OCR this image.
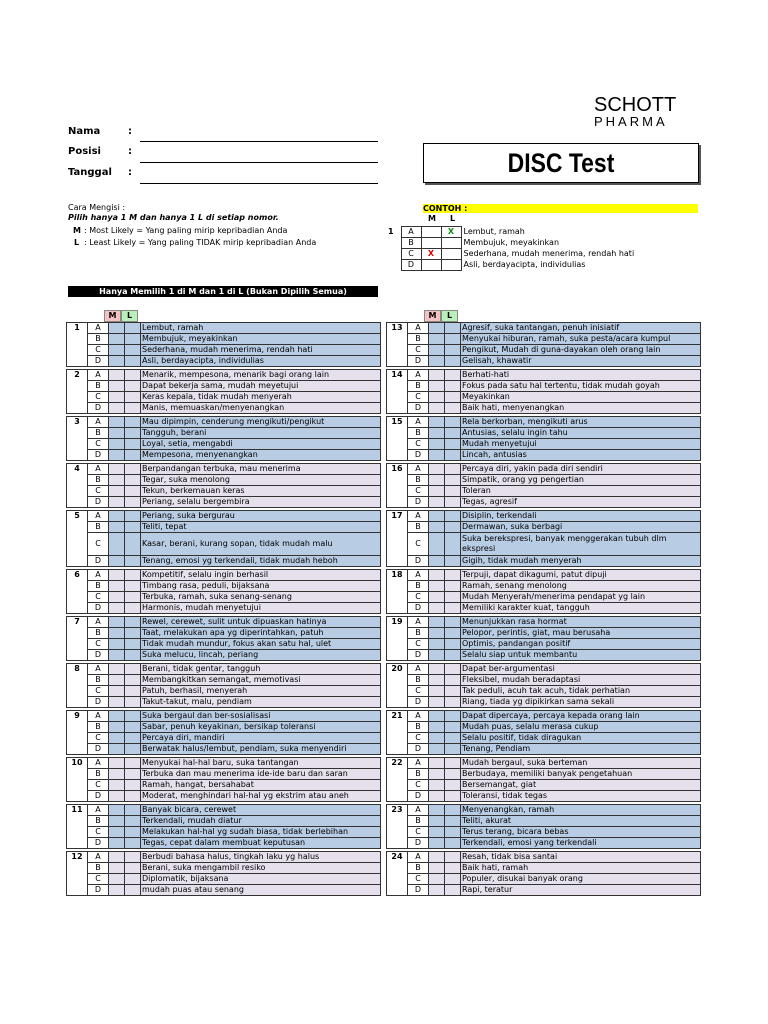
SCHOTT
PHARMA
Nama	:
Posisi	:
Tanggal :	DISC Test
Cara Mengisi :
Pilih hanya 1 M dan hanya 1 L di setiap nomor.
M : Most Likely = Yang paling mirip kepribadian Anda
L : Least Likely = Yang paling TIDAK mirip kepribadian Anda
CONTOH :
M L
1	A		X	Lembut, ramah
	B			Membujuk, meyakinkan
	C	X		Sederhana, mudah menerima, rendah hati
	D			Asli, berdayacipta, individulias
Hanya Memilih 1 di M dan 1 di L (Bukan Dipilih Semua)
M	L	M	L
1	A			Lembut, ramah
	B			Membujuk, meyakinkan
	C			Sederhana, mudah menerima, rendah hati
	D			Asli, berdayacipta, individulias
2	A			Menarik, mempesona, menarik bagi orang lain
	B			Dapat bekerja sama, mudah meyetujui
	C			Keras kepala, tidak mudah menyerah
	D			Manis, memuaskan/menyenangkan
3	A			Mau dipimpin, cenderung mengikuti/pengikut
	B			Tangguh, berani
	C			Loyal, setia, mengabdi
	D			Mempesona, menyenangkan
4	A			Berpandangan terbuka, mau menerima
	B			Tegar, suka menolong
	C			Tekun, berkemauan keras
	D			Periang, selalu bergembira
5	A			Periang, suka bergurau
	B			Teliti, tepat
	C			Kasar, berani, kurang sopan, tidak mudah malu
	D			Tenang, emosi yg terkendali, tidak mudah heboh
6	A			Kompetitif, selalu ingin berhasil
	B			Timbang rasa, peduli, bijaksana
	C			Terbuka, ramah, suka senang-senang
	D			Harmonis, mudah menyetujui
7	A			Rewel, cerewet, sulit untuk dipuaskan hatinya
	B			Taat, melakukan apa yg diperintahkan, patuh
	C			Tidak mudah mundur, fokus akan satu hal, ulet
	D			Suka melucu, lincah, periang
8	A			Berani, tidak gentar, tangguh
	B			Membangkitkan semangat, memotivasi
	C			Patuh, berhasil, menyerah
	D			Takut-takut, malu, pendiam
9	A			Suka bergaul dan ber-sosialisasi
	B			Sabar, penuh keyakinan, bersikap toleransi
	C			Percaya diri, mandiri
	D			Berwatak halus/lembut, pendiam, suka menyendiri
10	A			Menyukai hal-hal baru, suka tantangan
	B			Terbuka dan mau menerima ide-ide baru dan saran
	C			Ramah, hangat, bersahabat
	D			Moderat, menghindari hal-hal yg ekstrim atau aneh
11	A			Banyak bicara, cerewet
	B			Terkendali, mudah diatur
	C			Melakukan hal-hal yg sudah biasa, tidak berlebihan
	D			Tegas, cepat dalam membuat keputusan
12	A			Berbudi bahasa halus, tingkah laku yg halus
	B			Berani, suka mengambil resiko
	C			Diplomatik, bijaksana
	D			mudah puas atau senang
13	A			Agresif, suka tantangan, penuh inisiatif
	B			Menyukai hiburan, ramah, suka pesta/acara kumpul
	C			Pengikut, Mudah di guna-dayakan oleh orang lain
	D			Gelisah, khawatir
14	A			Berhati-hati
	B			Fokus pada satu hal tertentu, tidak mudah goyah
	C			Meyakinkan
	D			Baik hati, menyenangkan
15	A			Rela berkorban, mengikuti arus
	B			Antusias, selalu ingin tahu
	C			Mudah menyetujui
	D			Lincah, antusias
16	A			Percaya diri, yakin pada diri sendiri
	B			Simpatik, orang yg pengertian
	C			Toleran
	D			Tegas, agresif
17	A			Disiplin, terkendali
	B			Dermawan, suka berbagi
	C			Suka berekspresi, banyak menggerakan tubuh dlm ekspresi
	D			Gigih, tidak mudah menyerah
18	A			Terpuji, dapat dikagumi, patut dipuji
	B			Ramah, senang menolong
	C			Mudah Menyerah/menerima pendapat yg lain
	D			Memiliki karakter kuat, tangguh
19	A			Menunjukkan rasa hormat
	B			Pelopor, perintis, giat, mau berusaha
	C			Optimis, pandangan positif
	D			Selalu siap untuk membantu
20	A			Dapat ber-argumentasi
	B			Fleksibel, mudah beradaptasi
	C			Tak peduli, acuh tak acuh, tidak perhatian
	D			Riang, tiada yg dipikirkan sama sekali
21	A			Dapat dipercaya, percaya kepada orang lain
	B			Mudah puas, selalu merasa cukup
	C			Selalu positif, tidak diragukan
	D			Tenang, Pendiam
22	A			Mudah bergaul, suka berteman
	B			Berbudaya, memiliki banyak pengetahuan
	C			Bersemangat, giat
	D			Toleransi, tidak tegas
23	A			Menyenangkan, ramah
	B			Teliti, akurat
	C			Terus terang, bicara bebas
	D			Terkendali, emosi yang terkendali
24	A			Resah, tidak bisa santai
	B			Baik hati, ramah
	C			Populer, disukai banyak orang
	D			Rapi, teratur
